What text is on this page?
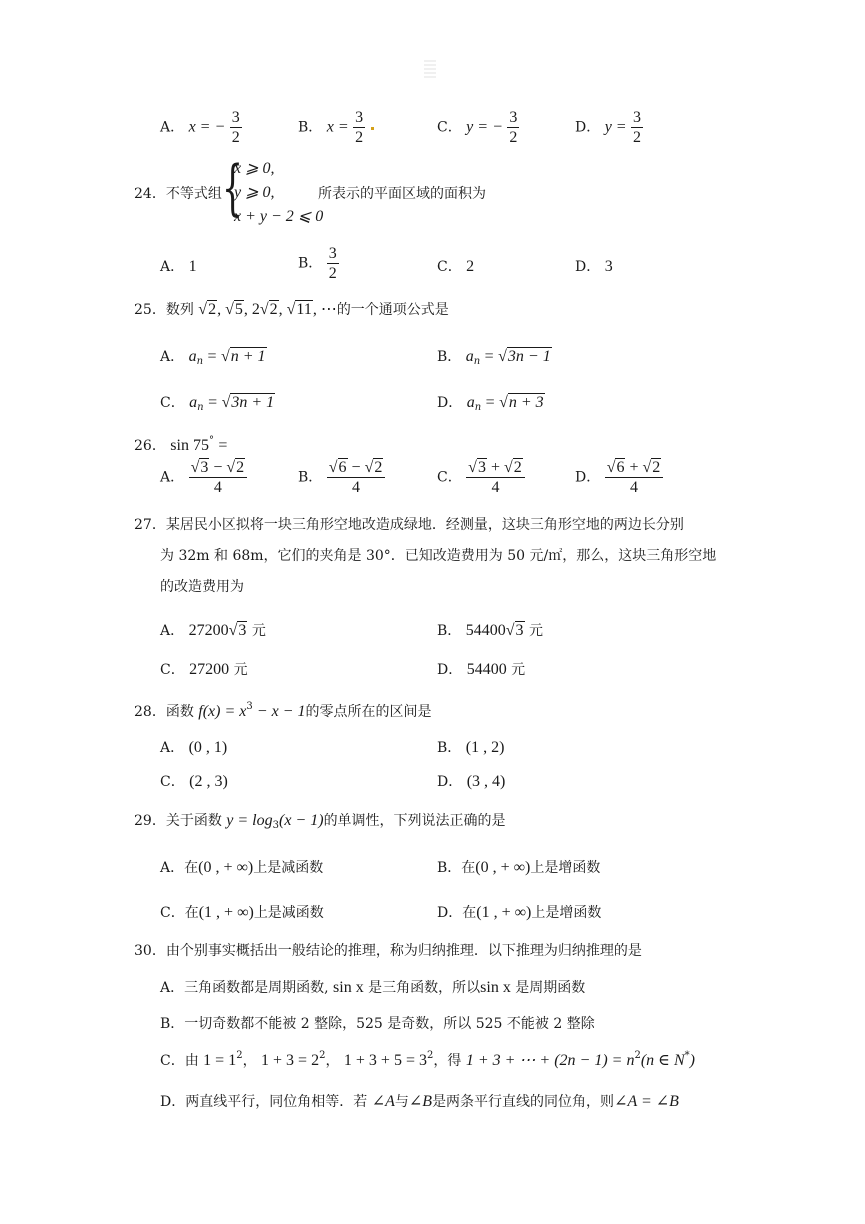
A． x = − $\frac{3}{2}$	B． $x = \frac{3}{2}$	C． y = − $\frac{3}{2}$	D． $y = \frac{3}{2}$
24．不等式组 {
x ⩾ 0,
y ⩾ 0,
x + y − 2 ⩽ 0
所表示的平面区域的面积为
A． 1	B． $\frac{3}{2}$	C． 2	D． 3
25．数列 √2, √5, 2√2, √11, ⋯的一个通项公式是
A． $a_n = √n + 1$	B． $a_n = √3n - 1$
C． $a_n = √3n + 1$	D． $a_n = √n + 3$
26． sin 75° =
A． $\frac{√3 - √2}{4}$	B． $\frac{√6 - √2}{4}$	C． $\frac{√3 + √2}{4}$	D． $\frac{√6 + √2}{4}$
27．某居民小区拟将一块三角形空地改造成绿地．经测量，这块三角形空地的两边长分别
为 32m 和 68m，它们的夹角是 30°．已知改造费用为 50 元/㎡，那么，这块三角形空地
的改造费用为
A． 27200√3 元	B． 54400√3 元
C． 27200 元	D． 54400 元
28．函数 $f(x) = x^3 - x - 1$的零点所在的区间是
A． (0 , 1)	B． (1 , 2)
C． (2 , 3)	D． (3 , 4)
29．关于函数 $y = \log_3(x - 1)$的单调性，下列说法正确的是
A．在(0 , + ∞)上是减函数	B．在(0 , + ∞)上是增函数
C．在(1 , + ∞)上是减函数	D．在(1 , + ∞)上是增函数
30．由个别事实概括出一般结论的推理，称为归纳推理．以下推理为归纳推理的是
A．三角函数都是周期函数, sin x 是三角函数，所以sin x 是周期函数
B．一切奇数都不能被 2 整除，525 是奇数，所以 525 不能被 2 整除
C．由 $1 = 1^2$， $1 + 3 = 2^2$， $1 + 3 + 5 = 3^2$，得 1 + 3 + ⋯ + $(2n - 1) = n^2(n$ ∈ N*)
D．两直线平行，同位角相等．若 ∠A与∠B是两条平行直线的同位角，则∠A = ∠B
